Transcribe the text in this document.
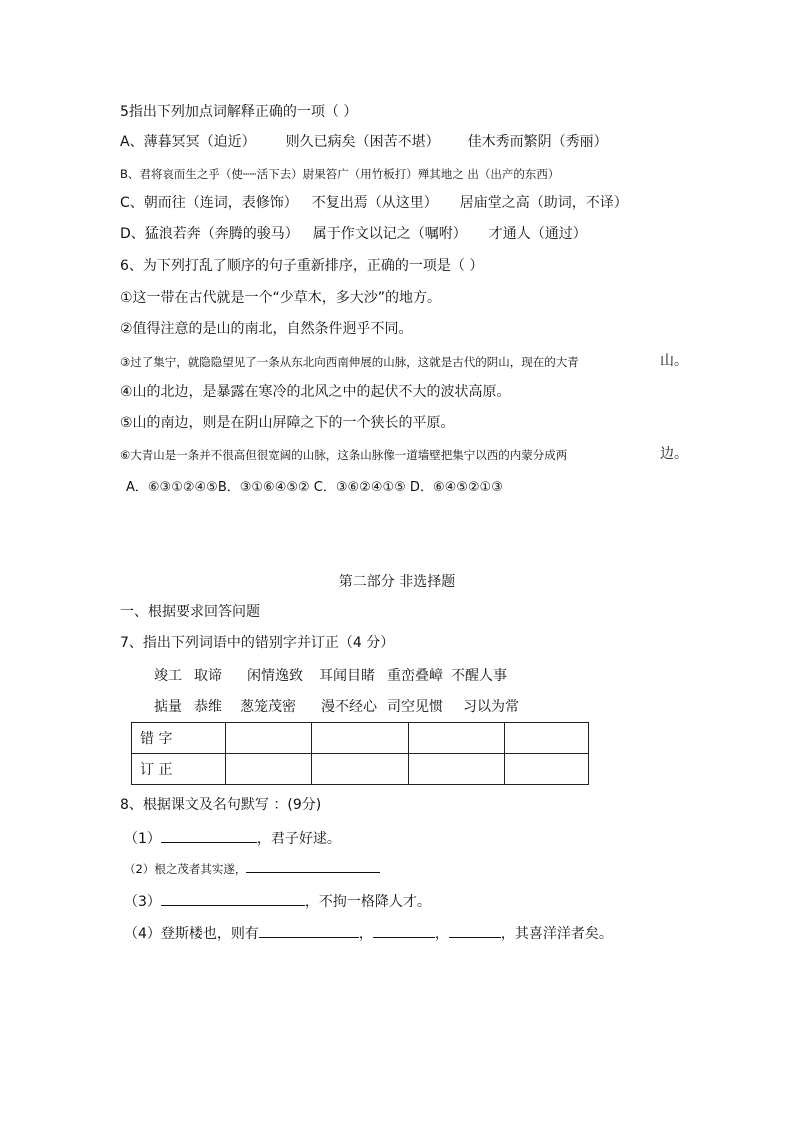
5指出下列加点词解释正确的一项（ ）
A、薄暮冥冥（迫近） 则久已病矣（困苦不堪） 佳木秀而繁阴（秀丽）
B、君将哀而生之乎（使┄┄活下去）尉果笞广（用竹板打）殚其地之 出（出产的东西）
C、朝而往（连词，表修饰） 不复出焉（从这里） 居庙堂之高（助词，不译）
D、猛浪若奔（奔腾的骏马） 属于作文以记之（嘱咐） 才通人（通过）
6、为下列打乱了顺序的句子重新排序，正确的一项是（ ）
①这一带在古代就是一个“少草木，多大沙”的地方。
②值得注意的是山的南北，自然条件迥乎不同。
③过了集宁，就隐隐望见了一条从东北向西南伸展的山脉，这就是古代的阴山，现在的大青	山。
④山的北边，是暴露在寒冷的北风之中的起伏不大的波状高原。
⑤山的南边，则是在阴山屏障之下的一个狭长的平原。
⑥大青山是一条并不很高但很宽阔的山脉，这条山脉像一道墙壁把集宁以西的内蒙分成两	边。
A．⑥③①②④⑤B．③①⑥④⑤② C．③⑥②④①⑤ D．⑥④⑤②①③
第二部分 非选择题
一、根据要求回答问题
7、指出下列词语中的错别字并订正（4 分）
竣工 取谛 闲情逸致 耳闻目睹 重峦叠嶂 不醒人事
掂量 恭维 葱笼茂密 漫不经心 司空见惯 习以为常
错 字				
订 正				
8、根据课文及名句默写 ：(9分)
（1）	，君子好逑。
（2）根之茂者其实遂，
（3）	，不拘一格降人才。
（4）登斯楼也，则有	，	，	，其喜洋洋者矣。
